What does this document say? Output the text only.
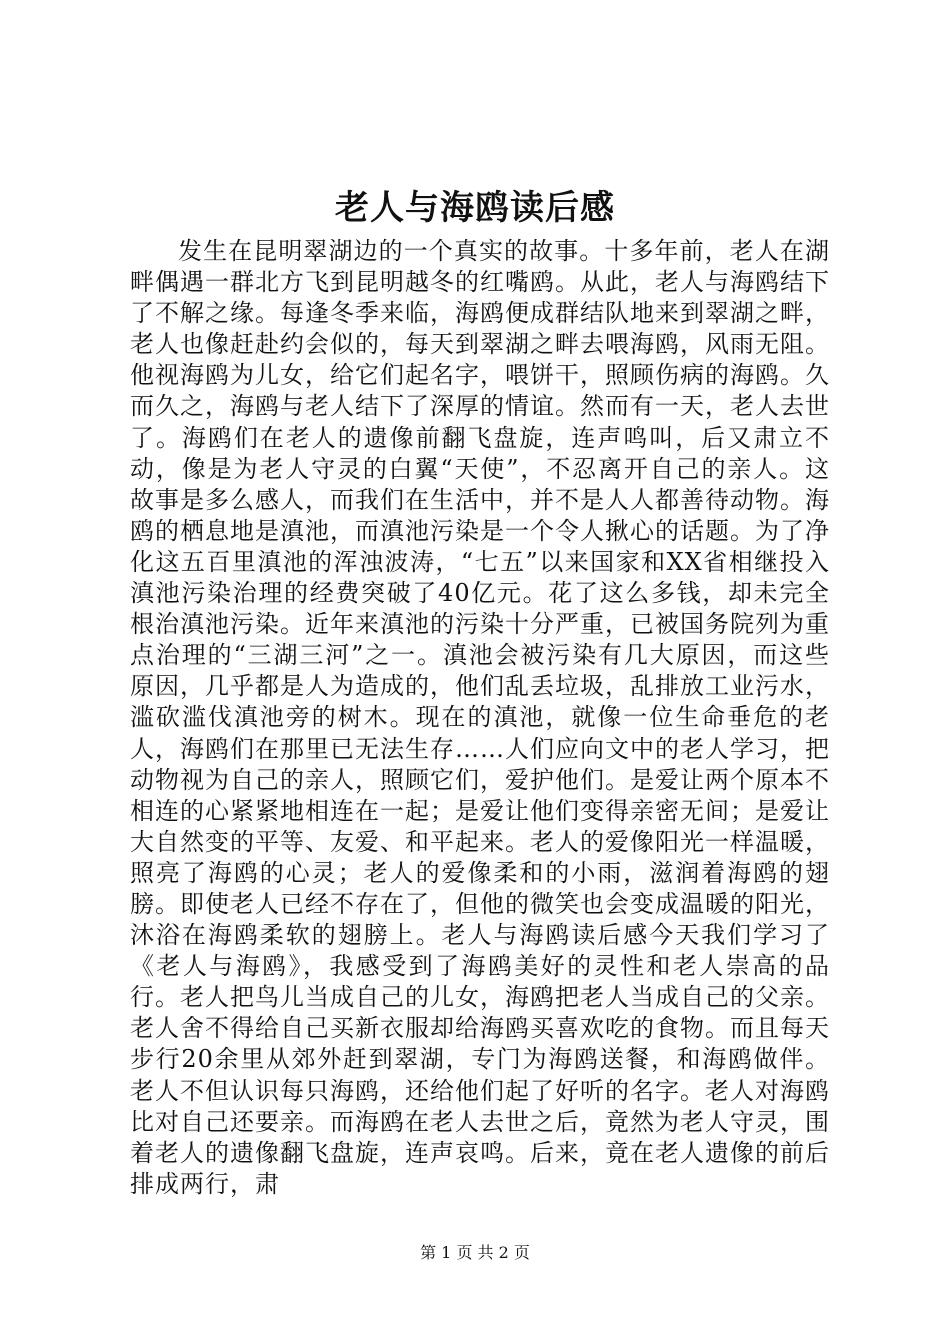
老人与海鸥读后感

发生在昆明翠湖边的一个真实的故事。十多年前，老人在湖畔偶遇一群北方飞到昆明越冬的红嘴鸥。从此，老人与海鸥结下了不解之缘。每逢冬季来临，海鸥便成群结队地来到翠湖之畔，老人也像赶赴约会似的，每天到翠湖之畔去喂海鸥，风雨无阻。他视海鸥为儿女，给它们起名字，喂饼干，照顾伤病的海鸥。久而久之，海鸥与老人结下了深厚的情谊。然而有一天，老人去世了。海鸥们在老人的遗像前翻飞盘旋，连声鸣叫，后又肃立不动，像是为老人守灵的白翼“天使”，不忍离开自己的亲人。这故事是多么感人，而我们在生活中，并不是人人都善待动物。海鸥的栖息地是滇池，而滇池污染是一个令人揪心的话题。为了净化这五百里滇池的浑浊波涛，“七五”以来国家和XX省相继投入滇池污染治理的经费突破了40亿元。花了这么多钱，却未完全根治滇池污染。近年来滇池的污染十分严重，已被国务院列为重点治理的“三湖三河”之一。滇池会被污染有几大原因，而这些原因，几乎都是人为造成的，他们乱丢垃圾，乱排放工业污水，滥砍滥伐滇池旁的树木。现在的滇池，就像一位生命垂危的老人，海鸥们在那里已无法生存……人们应向文中的老人学习，把动物视为自己的亲人，照顾它们，爱护他们。是爱让两个原本不相连的心紧紧地相连在一起；是爱让他们变得亲密无间；是爱让大自然变的平等、友爱、和平起来。老人的爱像阳光一样温暖，照亮了海鸥的心灵；老人的爱像柔和的小雨，滋润着海鸥的翅膀。即使老人已经不存在了，但他的微笑也会变成温暖的阳光，沐浴在海鸥柔软的翅膀上。老人与海鸥读后感今天我们学习了《老人与海鸥》，我感受到了海鸥美好的灵性和老人崇高的品行。老人把鸟儿当成自己的儿女，海鸥把老人当成自己的父亲。老人舍不得给自己买新衣服却给海鸥买喜欢吃的食物。而且每天步行20余里从郊外赶到翠湖，专门为海鸥送餐，和海鸥做伴。老人不但认识每只海鸥，还给他们起了好听的名字。老人对海鸥比对自己还要亲。而海鸥在老人去世之后，竟然为老人守灵，围着老人的遗像翻飞盘旋，连声哀鸣。后来，竟在老人遗像的前后排成两行，肃

第 1 页 共 2 页
